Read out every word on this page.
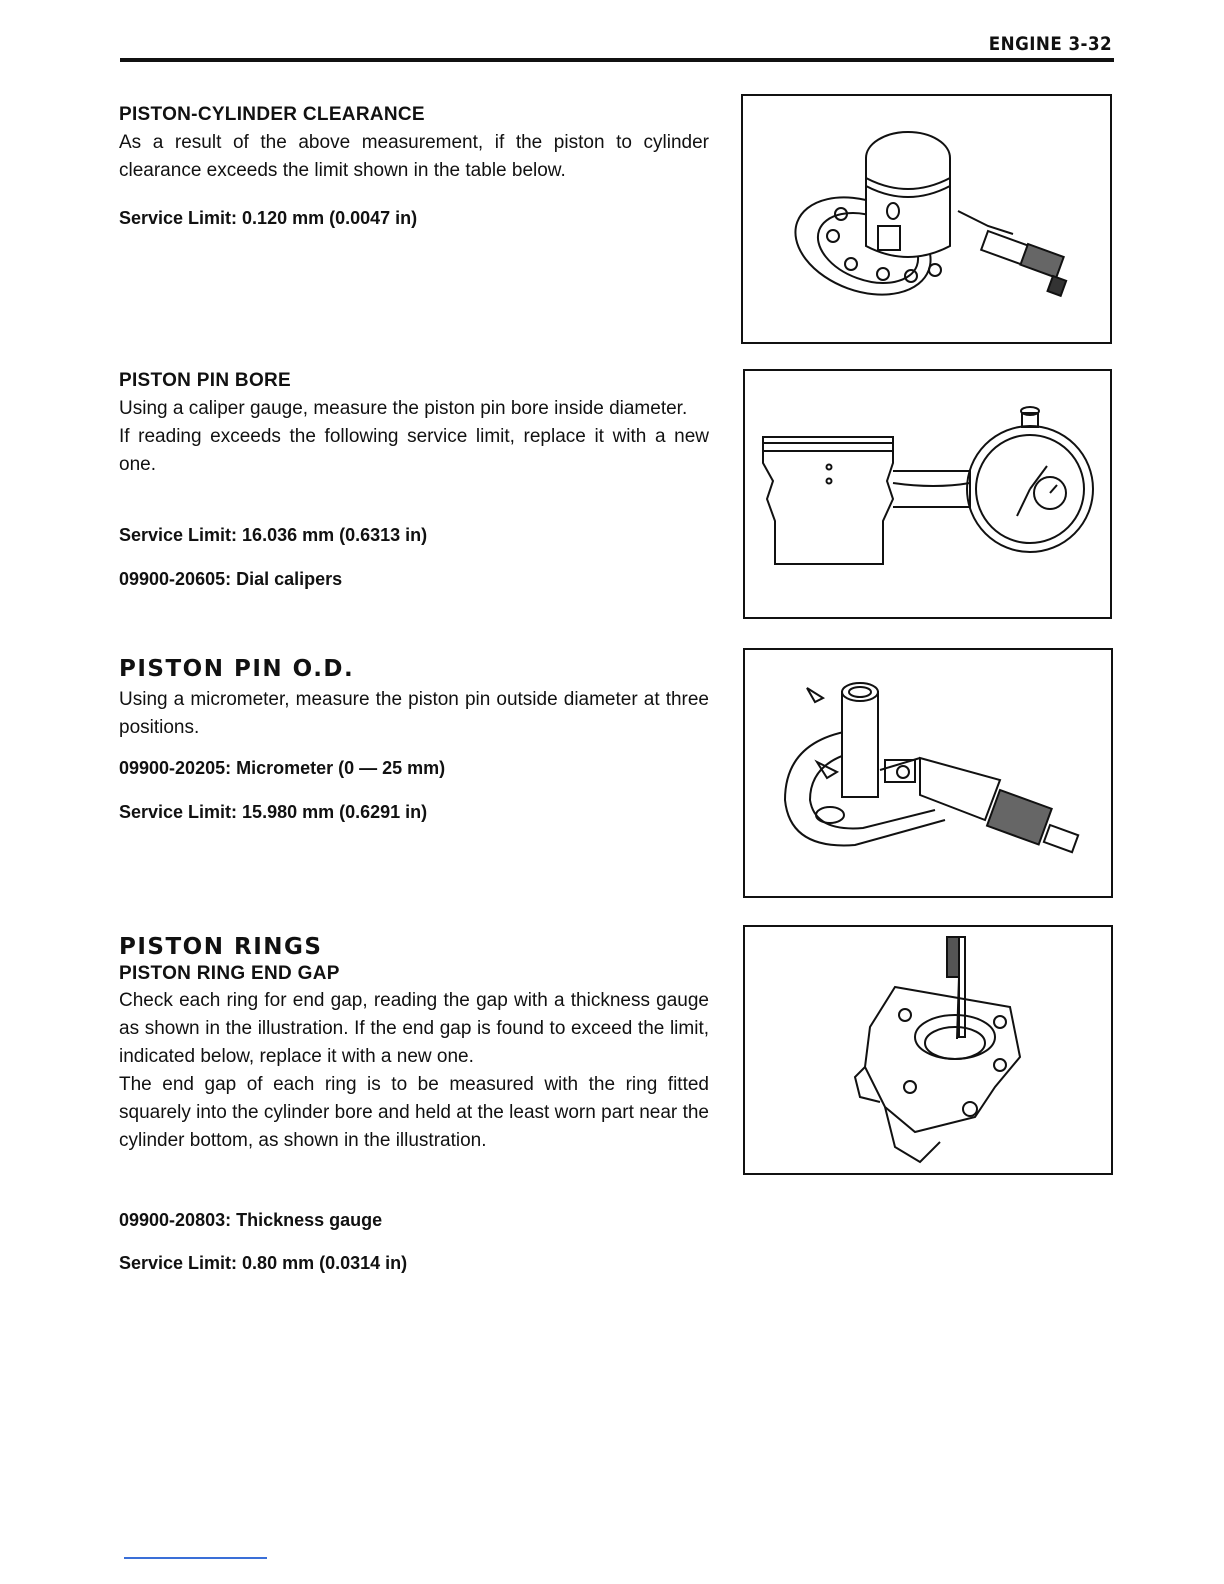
ENGINE 3-32

PISTON-CYLINDER CLEARANCE

As a result of the above measurement, if the piston to cylinder clearance exceeds the limit shown in the table below.

Service Limit: 0.120 mm (0.0047 in)

PISTON PIN BORE

Using a caliper gauge, measure the piston pin bore inside diameter.

If reading exceeds the following service limit, replace it with a new one.

Service Limit: 16.036 mm (0.6313 in)
09900-20605: Dial calipers

PISTON PIN O.D.

Using a micrometer, measure the piston pin outside diameter at three positions.

09900-20205: Micrometer (0 — 25 mm)
Service Limit: 15.980 mm (0.6291 in)

PISTON RINGS

PISTON RING END GAP

Check each ring for end gap, reading the gap with a thickness gauge as shown in the illustration. If the end gap is found to exceed the limit, indicated below, replace it with a new one.

The end gap of each ring is to be measured with the ring fitted squarely into the cylinder bore and held at the least worn part near the cylinder bottom, as shown in the illustration.

09900-20803: Thickness gauge
Service Limit: 0.80 mm (0.0314 in)
